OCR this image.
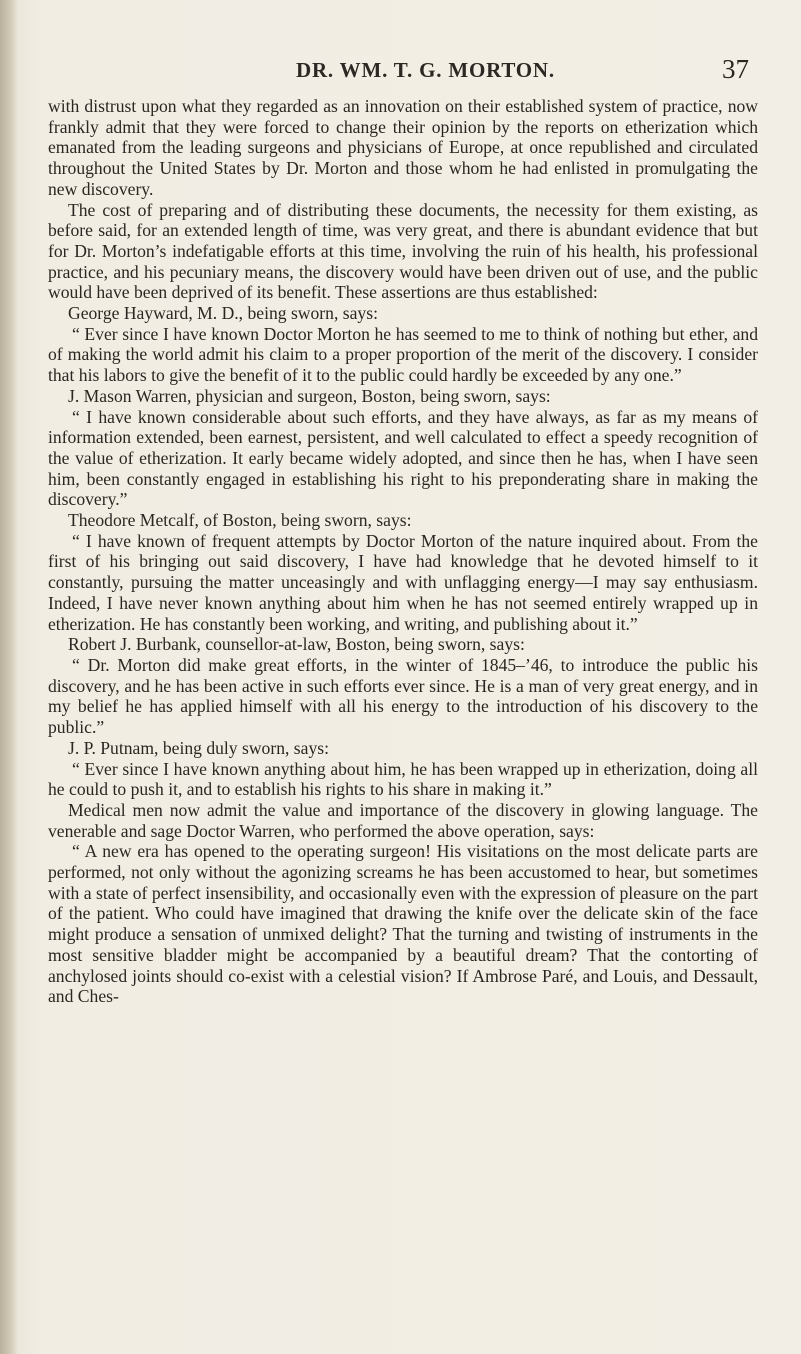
DR. WM. T. G. MORTON.	37

with distrust upon what they regarded as an innovation on their established system of practice, now frankly admit that they were forced to change their opinion by the reports on etherization which emanated from the leading surgeons and physicians of Europe, at once republished and circulated throughout the United States by Dr. Morton and those whom he had enlisted in promulgating the new discovery.

The cost of preparing and of distributing these documents, the necessity for them existing, as before said, for an extended length of time, was very great, and there is abundant evidence that but for Dr. Morton’s indefatigable efforts at this time, involving the ruin of his health, his professional practice, and his pecuniary means, the discovery would have been driven out of use, and the public would have been deprived of its benefit. These assertions are thus established:

George Hayward, M. D., being sworn, says:

“ Ever since I have known Doctor Morton he has seemed to me to think of nothing but ether, and of making the world admit his claim to a proper proportion of the merit of the discovery. I consider that his labors to give the benefit of it to the public could hardly be exceeded by any one.”

J. Mason Warren, physician and surgeon, Boston, being sworn, says:

“ I have known considerable about such efforts, and they have always, as far as my means of information extended, been earnest, persistent, and well calculated to effect a speedy recognition of the value of etherization. It early became widely adopted, and since then he has, when I have seen him, been constantly engaged in establishing his right to his preponderating share in making the discovery.”

Theodore Metcalf, of Boston, being sworn, says:

“ I have known of frequent attempts by Doctor Morton of the nature inquired about. From the first of his bringing out said discovery, I have had knowledge that he devoted himself to it constantly, pursuing the matter unceasingly and with unflagging energy—I may say enthusiasm. Indeed, I have never known anything about him when he has not seemed entirely wrapped up in etherization. He has constantly been working, and writing, and publishing about it.”

Robert J. Burbank, counsellor-at-law, Boston, being sworn, says:

“ Dr. Morton did make great efforts, in the winter of 1845–’46, to introduce the public his discovery, and he has been active in such efforts ever since. He is a man of very great energy, and in my belief he has applied himself with all his energy to the introduction of his discovery to the public.”

J. P. Putnam, being duly sworn, says:

“ Ever since I have known anything about him, he has been wrapped up in etherization, doing all he could to push it, and to establish his rights to his share in making it.”

Medical men now admit the value and importance of the discovery in glowing language. The venerable and sage Doctor Warren, who performed the above operation, says:

“ A new era has opened to the operating surgeon! His visitations on the most delicate parts are performed, not only without the agonizing screams he has been accustomed to hear, but sometimes with a state of perfect insensibility, and occasionally even with the expression of pleasure on the part of the patient. Who could have imagined that drawing the knife over the delicate skin of the face might produce a sensation of unmixed delight? That the turning and twisting of instruments in the most sensitive bladder might be accompanied by a beautiful dream? That the contorting of anchylosed joints should co-exist with a celestial vision? If Ambrose Paré, and Louis, and Dessault, and Ches-
